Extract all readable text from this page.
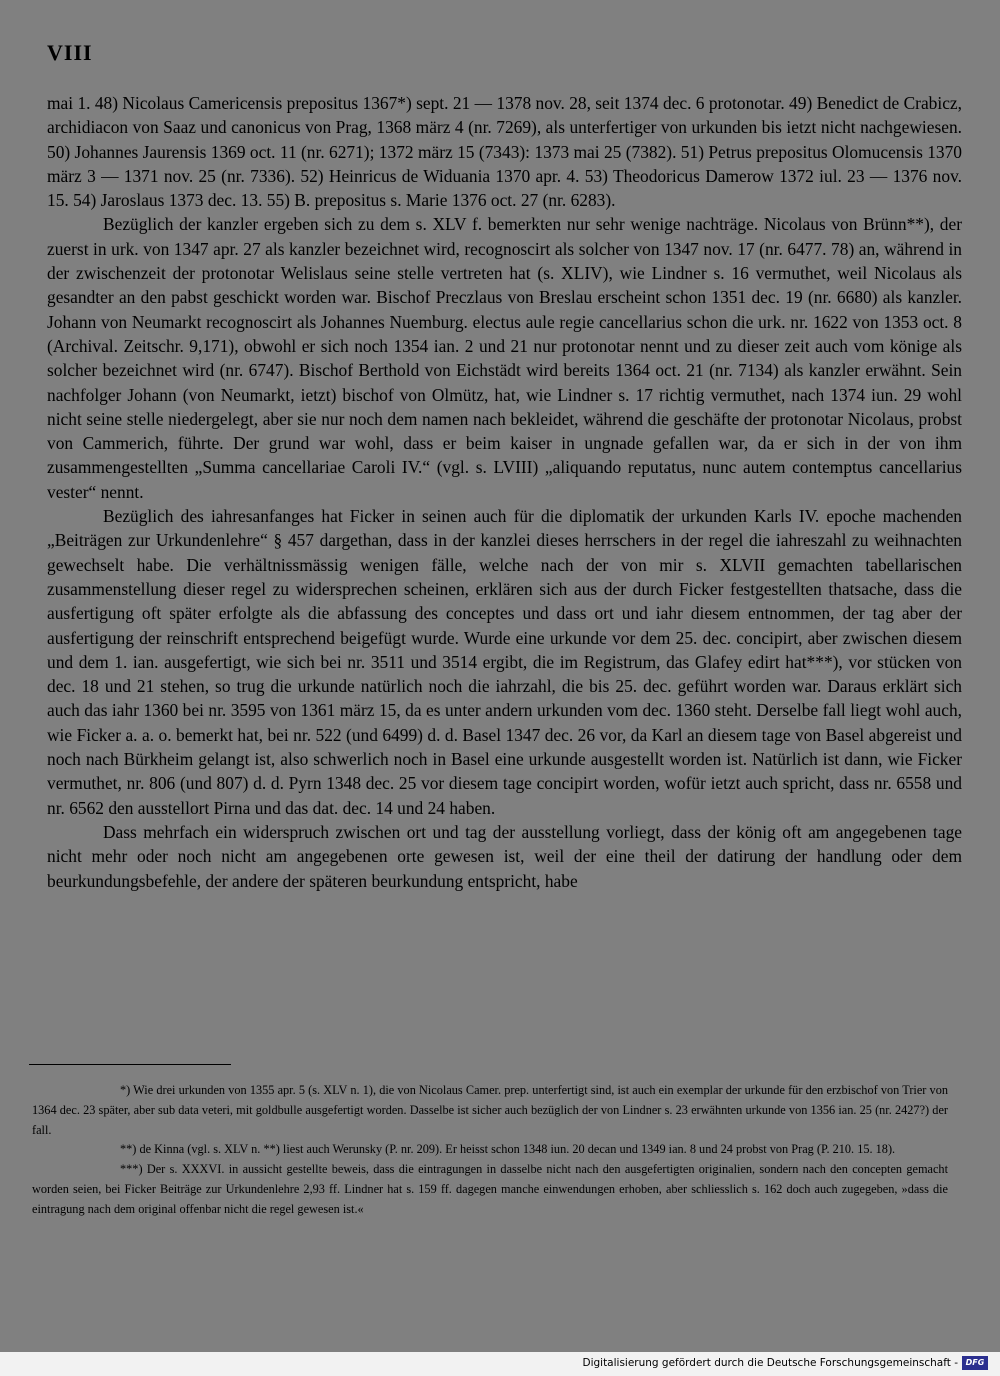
VIII

mai 1. 48) Nicolaus Camericensis prepositus 1367*) sept. 21 — 1378 nov. 28, seit 1374 dec. 6 protonotar. 49) Benedict de Crabicz, archidiacon von Saaz und canonicus von Prag, 1368 märz 4 (nr. 7269), als unterfertiger von urkunden bis ietzt nicht nachgewiesen. 50) Johannes Jaurensis 1369 oct. 11 (nr. 6271); 1372 märz 15 (7343): 1373 mai 25 (7382). 51) Petrus prepositus Olomucensis 1370 märz 3 — 1371 nov. 25 (nr. 7336). 52) Heinricus de Widuania 1370 apr. 4. 53) Theodoricus Damerow 1372 iul. 23 — 1376 nov. 15. 54) Jaroslaus 1373 dec. 13. 55) B. prepositus s. Marie 1376 oct. 27 (nr. 6283).

Bezüglich der kanzler ergeben sich zu dem s. XLV f. bemerkten nur sehr wenige nachträge. Nicolaus von Brünn**), der zuerst in urk. von 1347 apr. 27 als kanzler bezeichnet wird, recognoscirt als solcher von 1347 nov. 17 (nr. 6477. 78) an, während in der zwischenzeit der protonotar Welislaus seine stelle vertreten hat (s. XLIV), wie Lindner s. 16 vermuthet, weil Nicolaus als gesandter an den pabst geschickt worden war. Bischof Preczlaus von Breslau erscheint schon 1351 dec. 19 (nr. 6680) als kanzler. Johann von Neumarkt recognoscirt als Johannes Nuemburg. electus aule regie cancellarius schon die urk. nr. 1622 von 1353 oct. 8 (Archival. Zeitschr. 9,171), obwohl er sich noch 1354 ian. 2 und 21 nur protonotar nennt und zu dieser zeit auch vom könige als solcher bezeichnet wird (nr. 6747). Bischof Berthold von Eichstädt wird bereits 1364 oct. 21 (nr. 7134) als kanzler erwähnt. Sein nachfolger Johann (von Neumarkt, ietzt) bischof von Olmütz, hat, wie Lindner s. 17 richtig vermuthet, nach 1374 iun. 29 wohl nicht seine stelle niedergelegt, aber sie nur noch dem namen nach bekleidet, während die geschäfte der protonotar Nicolaus, probst von Cammerich, führte. Der grund war wohl, dass er beim kaiser in ungnade gefallen war, da er sich in der von ihm zusammengestellten „Summa cancellariae Caroli IV.“ (vgl. s. LVIII) „aliquando reputatus, nunc autem contemptus cancellarius vester“ nennt.

Bezüglich des iahresanfanges hat Ficker in seinen auch für die diplomatik der urkunden Karls IV. epoche machenden „Beiträgen zur Urkundenlehre“ § 457 dargethan, dass in der kanzlei dieses herrschers in der regel die iahreszahl zu weihnachten gewechselt habe. Die verhältnissmässig wenigen fälle, welche nach der von mir s. XLVII gemachten tabellarischen zusammenstellung dieser regel zu widersprechen scheinen, erklären sich aus der durch Ficker festgestellten thatsache, dass die ausfertigung oft später erfolgte als die abfassung des conceptes und dass ort und iahr diesem entnommen, der tag aber der ausfertigung der reinschrift entsprechend beigefügt wurde. Wurde eine urkunde vor dem 25. dec. concipirt, aber zwischen diesem und dem 1. ian. ausgefertigt, wie sich bei nr. 3511 und 3514 ergibt, die im Registrum, das Glafey edirt hat***), vor stücken von dec. 18 und 21 stehen, so trug die urkunde natürlich noch die iahrzahl, die bis 25. dec. geführt worden war. Daraus erklärt sich auch das iahr 1360 bei nr. 3595 von 1361 märz 15, da es unter andern urkunden vom dec. 1360 steht. Derselbe fall liegt wohl auch, wie Ficker a. a. o. bemerkt hat, bei nr. 522 (und 6499) d. d. Basel 1347 dec. 26 vor, da Karl an diesem tage von Basel abgereist und noch nach Bürkheim gelangt ist, also schwerlich noch in Basel eine urkunde ausgestellt worden ist. Natürlich ist dann, wie Ficker vermuthet, nr. 806 (und 807) d. d. Pyrn 1348 dec. 25 vor diesem tage concipirt worden, wofür ietzt auch spricht, dass nr. 6558 und nr. 6562 den ausstellort Pirna und das dat. dec. 14 und 24 haben.

Dass mehrfach ein widerspruch zwischen ort und tag der ausstellung vorliegt, dass der könig oft am angegebenen tage nicht mehr oder noch nicht am angegebenen orte gewesen ist, weil der eine theil der datirung der handlung oder dem beurkundungsbefehle, der andere der späteren beurkundung entspricht, habe

*) Wie drei urkunden von 1355 apr. 5 (s. XLV n. 1), die von Nicolaus Camer. prep. unterfertigt sind, ist auch ein exemplar der urkunde für den erzbischof von Trier von 1364 dec. 23 später, aber sub data veteri, mit goldbulle ausgefertigt worden. Dasselbe ist sicher auch bezüglich der von Lindner s. 23 erwähnten urkunde von 1356 ian. 25 (nr. 2427?) der fall.

**) de Kinna (vgl. s. XLV n. **) liest auch Werunsky (P. nr. 209). Er heisst schon 1348 iun. 20 decan und 1349 ian. 8 und 24 probst von Prag (P. 210. 15. 18).

***) Der s. XXXVI. in aussicht gestellte beweis, dass die eintragungen in dasselbe nicht nach den ausgefertigten originalien, sondern nach den concepten gemacht worden seien, bei Ficker Beiträge zur Urkundenlehre 2,93 ff. Lindner hat s. 159 ff. dagegen manche einwendungen erhoben, aber schliesslich s. 162 doch auch zugegeben, »dass die eintragung nach dem original offenbar nicht die regel gewesen ist.«

Digitalisierung gefördert durch die Deutsche Forschungsgemeinschaft - DFG
